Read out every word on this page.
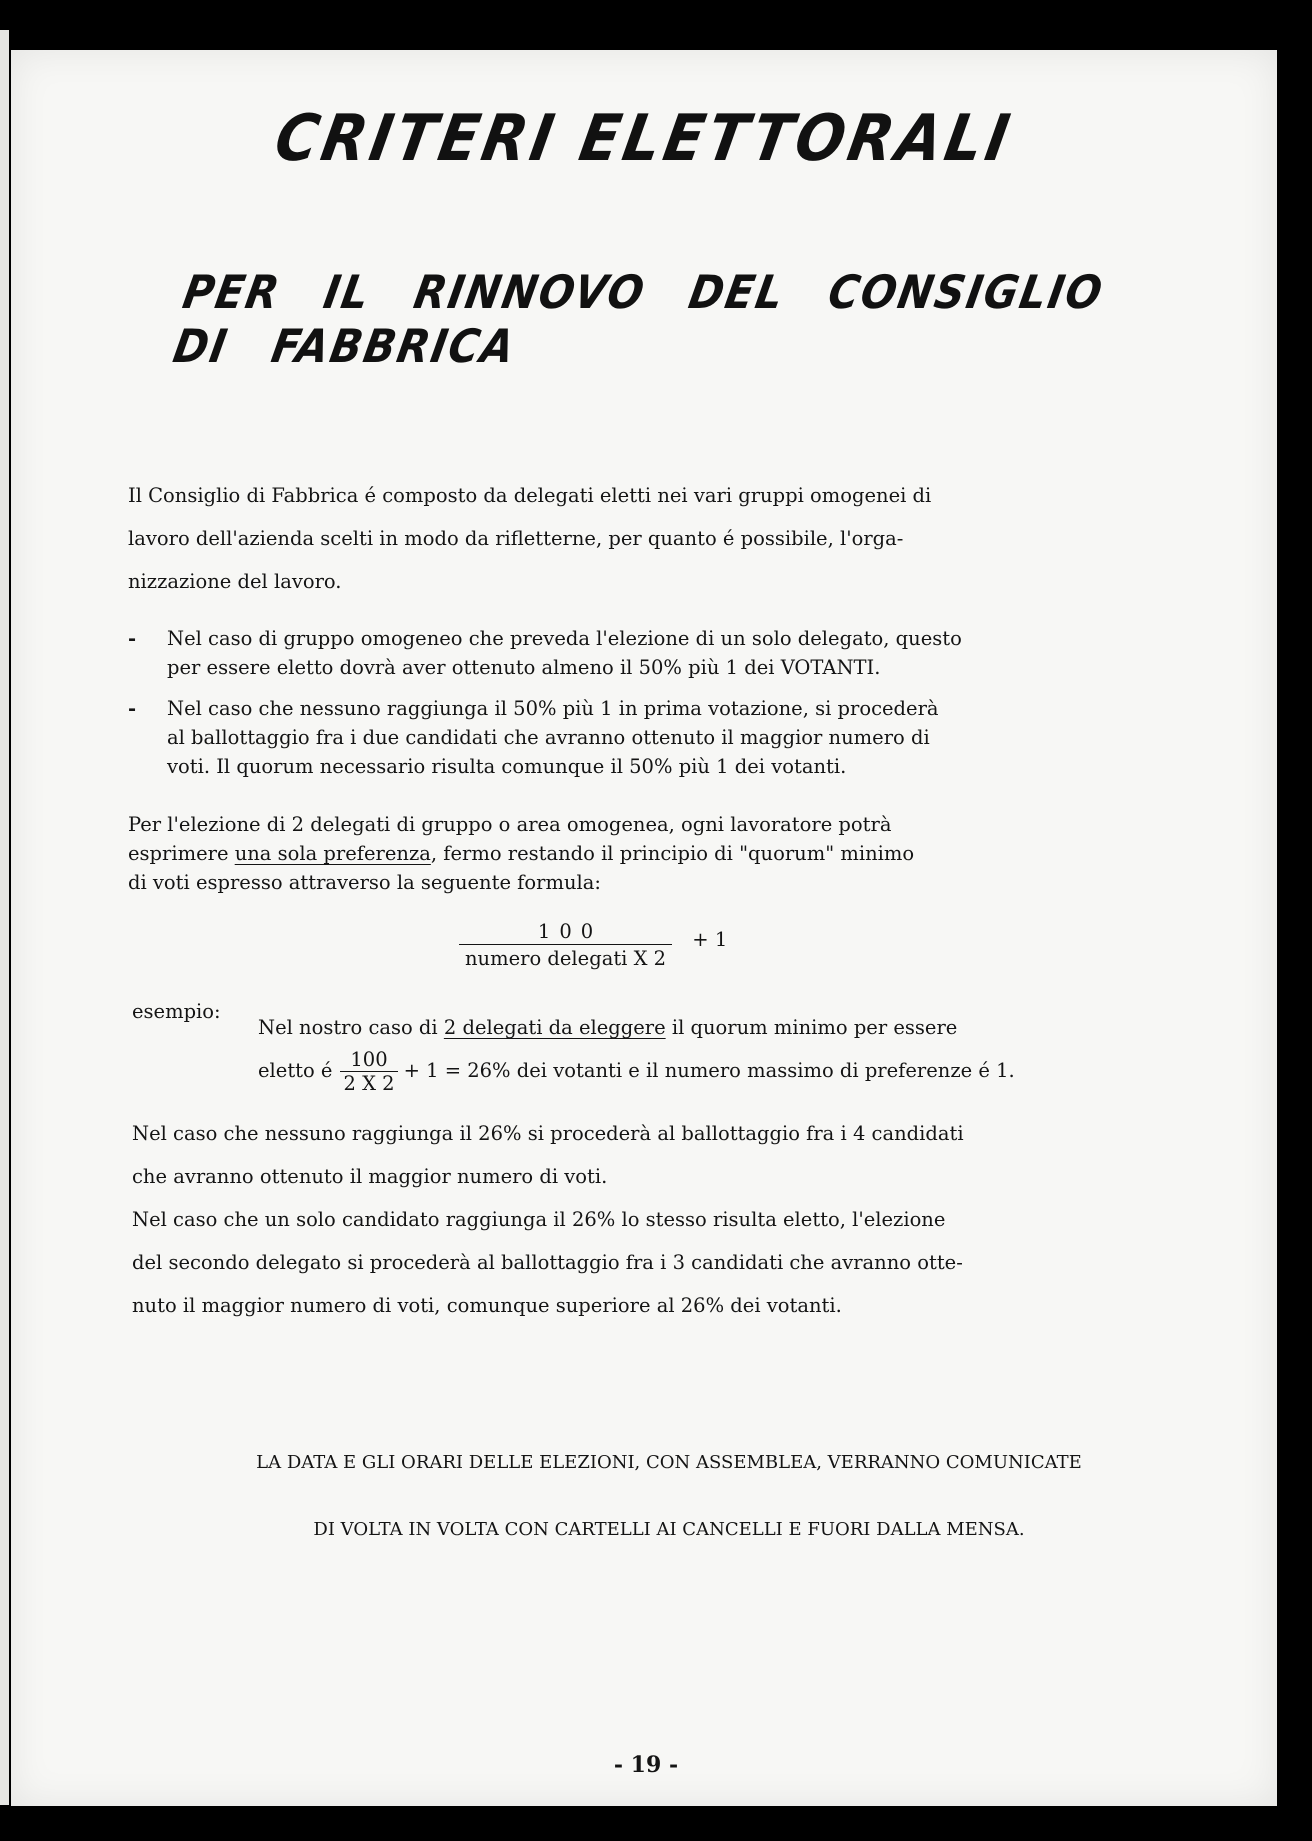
CRITERI ELETTORALI
PER IL RINNOVO DEL CONSIGLIO DI FABBRICA
Il Consiglio di Fabbrica é composto da delegati eletti nei vari gruppi omogenei di
lavoro dell'azienda scelti in modo da rifletterne, per quanto é possibile, l'orga-
nizzazione del lavoro.
- Nel caso di gruppo omogeneo che preveda l'elezione di un solo delegato, questo
per essere eletto dovrà aver ottenuto almeno il 50% più 1 dei VOTANTI.
- Nel caso che nessuno raggiunga il 50% più 1 in prima votazione, si procederà
al ballottaggio fra i due candidati che avranno ottenuto il maggior numero di
voti. Il quorum necessario risulta comunque il 50% più 1 dei votanti.
Per l'elezione di 2 delegati di gruppo o area omogenea, ogni lavoratore potrà
esprimere una sola preferenza, fermo restando il principio di "quorum" minimo
di voti espresso attraverso la seguente formula:
$\frac{100}{\text{numero delegati X 2}} + 1$
esempio:
Nel nostro caso di 2 delegati da eleggere il quorum minimo per essere
eletto é $\frac{100}{2 X 2} + 1 = 26\%$ dei votanti e il numero massimo di preferenze é 1.
Nel caso che nessuno raggiunga il 26% si procederà al ballottaggio fra i 4 candidati
che avranno ottenuto il maggior numero di voti.
Nel caso che un solo candidato raggiunga il 26% lo stesso risulta eletto, l'elezione
del secondo delegato si procederà al ballottaggio fra i 3 candidati che avranno otte-
nuto il maggior numero di voti, comunque superiore al 26% dei votanti.
LA DATA E GLI ORARI DELLE ELEZIONI, CON ASSEMBLEA, VERRANNO COMUNICATE
DI VOLTA IN VOLTA CON CARTELLI AI CANCELLI E FUORI DALLA MENSA.
- 19 -
